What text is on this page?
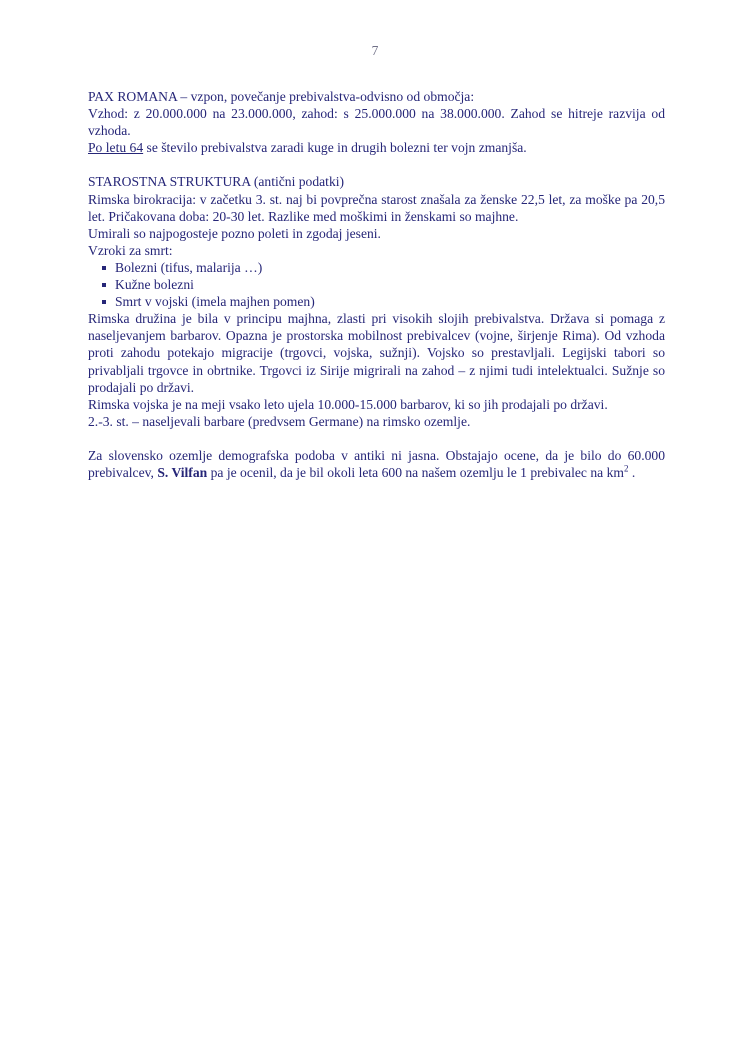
7

PAX ROMANA – vzpon, povečanje prebivalstva-odvisno od območja:

Vzhod: z 20.000.000 na 23.000.000, zahod: s 25.000.000 na 38.000.000. Zahod se hitreje razvija od vzhoda.

Po letu 64 se število prebivalstva zaradi kuge in drugih bolezni ter vojn zmanjša.

STAROSTNA STRUKTURA (antični podatki)

Rimska birokracija: v začetku 3. st. naj bi povprečna starost znašala za ženske 22,5 let, za moške pa 20,5 let. Pričakovana doba: 20-30 let. Razlike med moškimi in ženskami so majhne.

Umirali so najpogosteje pozno poleti in zgodaj jeseni.

Vzroki za smrt:

Bolezni (tifus, malarija …)
Kužne bolezni
Smrt v vojski (imela majhen pomen)

Rimska družina je bila v principu majhna, zlasti pri visokih slojih prebivalstva. Država si pomaga z naseljevanjem barbarov. Opazna je prostorska mobilnost prebivalcev (vojne, širjenje Rima). Od vzhoda proti zahodu potekajo migracije (trgovci, vojska, sužnji). Vojsko so prestavljali. Legijski tabori so privabljali trgovce in obrtnike. Trgovci iz Sirije migrirali na zahod – z njimi tudi intelektualci. Sužnje so prodajali po državi.

Rimska vojska je na meji vsako leto ujela 10.000-15.000 barbarov, ki so jih prodajali po državi.

2.-3. st. – naseljevali barbare (predvsem Germane) na rimsko ozemlje.

Za slovensko ozemlje demografska podoba v antiki ni jasna. Obstajajo ocene, da je bilo do 60.000 prebivalcev, S. Vilfan pa je ocenil, da je bil okoli leta 600 na našem ozemlju le 1 prebivalec na $km^2$ .
